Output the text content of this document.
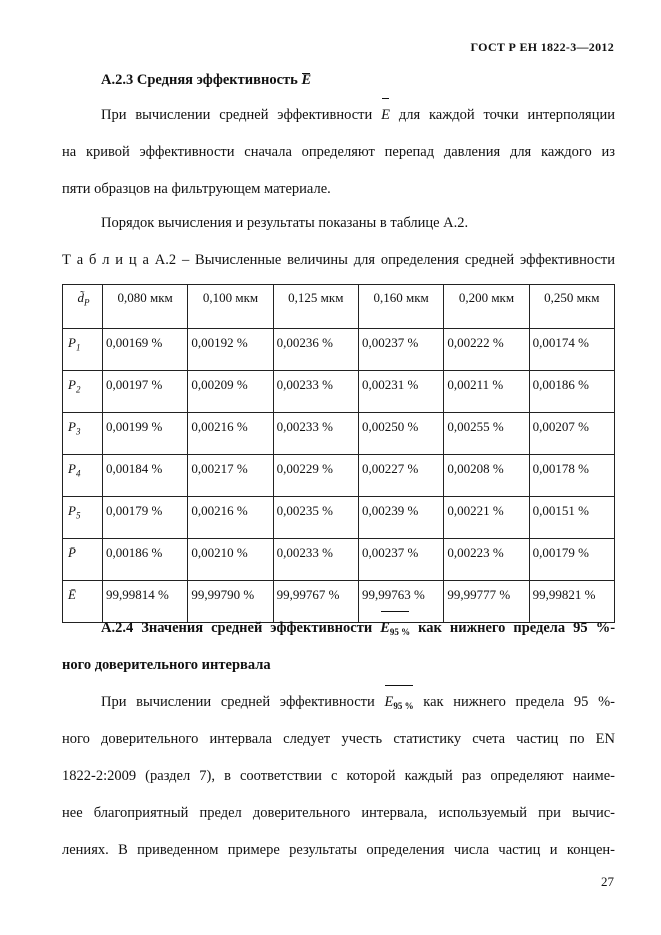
ГОСТ Р ЕН 1822-3—2012
А.2.3 Средняя эффективность E
При вычислении средней эффективности E для каждой точки интерполяции
на кривой эффективности сначала определяют перепад давления для каждого из
пяти образцов на фильтрующем материале.
Порядок вычисления и результаты показаны в таблице А.2.
Т а б л и ц а А.2 – Вычисленные величины для определения средней эффективности
$d̃_P$	0,080 мкм	0,100 мкм	0,125 мкм	0,160 мкм	0,200 мкм	0,250 мкм
$P_1$	0,00169 %	0,00192 %	0,00236 %	0,00237 %	0,00222 %	0,00174 %
$P_2$	0,00197 %	0,00209 %	0,00233 %	0,00231 %	0,00211 %	0,00186 %
$P_3$	0,00199 %	0,00216 %	0,00233 %	0,00250 %	0,00255 %	0,00207 %
$P_4$	0,00184 %	0,00217 %	0,00229 %	0,00227 %	0,00208 %	0,00178 %
$P_5$	0,00179 %	0,00216 %	0,00235 %	0,00239 %	0,00221 %	0,00151 %
P̄	0,00186 %	0,00210 %	0,00233 %	0,00237 %	0,00223 %	0,00179 %
Ē	99,99814 %	99,99790 %	99,99767 %	99,99763 %	99,99777 %	99,99821 %
А.2.4 Значения средней эффективности $E_{95 \%}$ как нижнего предела 95 %-
ного доверительного интервала
При вычислении средней эффективности $E_{95 \%}$ как нижнего предела 95 %-
ного доверительного интервала следует учесть статистику счета частиц по EN
1822-2:2009 (раздел 7), в соответствии с которой каждый раз определяют наиме-
нее благоприятный предел доверительного интервала, используемый при вычис-
лениях. В приведенном примере результаты определения числа частиц и концен-
27
